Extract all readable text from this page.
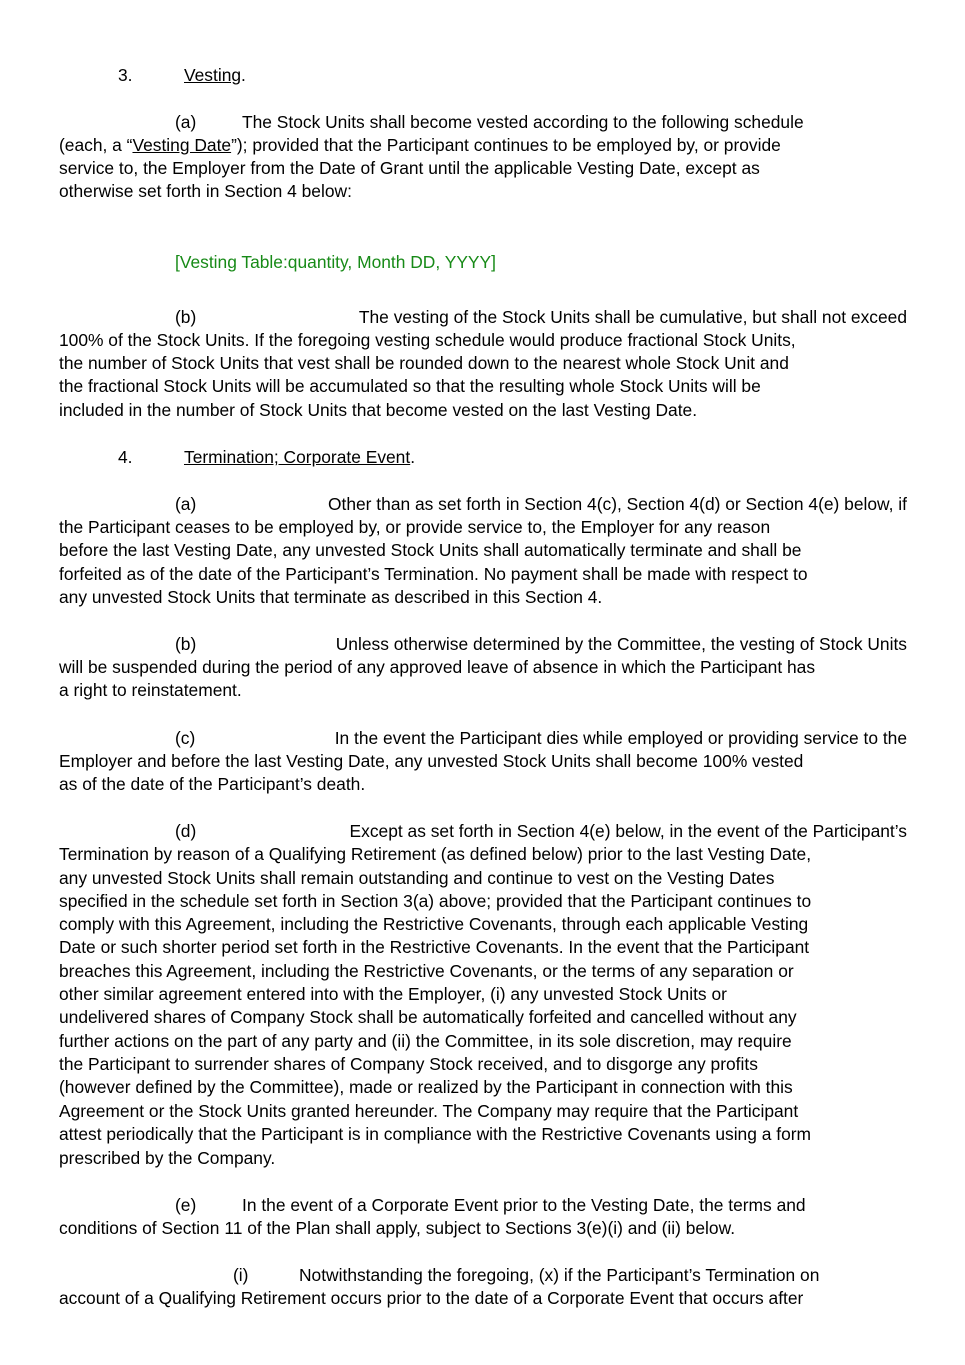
3.	Vesting.
(a)	The Stock Units shall become vested according to the following schedule
(each, a “Vesting Date”); provided that the Participant continues to be employed by, or provide
service to, the Employer from the Date of Grant until the applicable Vesting Date, except as
otherwise set forth in Section 4 below:
[Vesting Table:quantity, Month DD, YYYY]
(b)	The vesting of the Stock Units shall be cumulative, but shall not exceed
100% of the Stock Units. If the foregoing vesting schedule would produce fractional Stock Units,
the number of Stock Units that vest shall be rounded down to the nearest whole Stock Unit and
the fractional Stock Units will be accumulated so that the resulting whole Stock Units will be
included in the number of Stock Units that become vested on the last Vesting Date.
4.	Termination; Corporate Event.
(a)	Other than as set forth in Section 4(c), Section 4(d) or Section 4(e) below, if
the Participant ceases to be employed by, or provide service to, the Employer for any reason
before the last Vesting Date, any unvested Stock Units shall automatically terminate and shall be
forfeited as of the date of the Participant’s Termination. No payment shall be made with respect to
any unvested Stock Units that terminate as described in this Section 4.
(b)	Unless otherwise determined by the Committee, the vesting of Stock Units
will be suspended during the period of any approved leave of absence in which the Participant has
a right to reinstatement.
(c)	In the event the Participant dies while employed or providing service to the
Employer and before the last Vesting Date, any unvested Stock Units shall become 100% vested
as of the date of the Participant’s death.
(d)	Except as set forth in Section 4(e) below, in the event of the Participant’s
Termination by reason of a Qualifying Retirement (as defined below) prior to the last Vesting Date,
any unvested Stock Units shall remain outstanding and continue to vest on the Vesting Dates
specified in the schedule set forth in Section 3(a) above; provided that the Participant continues to
comply with this Agreement, including the Restrictive Covenants, through each applicable Vesting
Date or such shorter period set forth in the Restrictive Covenants. In the event that the Participant
breaches this Agreement, including the Restrictive Covenants, or the terms of any separation or
other similar agreement entered into with the Employer, (i) any unvested Stock Units or
undelivered shares of Company Stock shall be automatically forfeited and cancelled without any
further actions on the part of any party and (ii) the Committee, in its sole discretion, may require
the Participant to surrender shares of Company Stock received, and to disgorge any profits
(however defined by the Committee), made or realized by the Participant in connection with this
Agreement or the Stock Units granted hereunder. The Company may require that the Participant
attest periodically that the Participant is in compliance with the Restrictive Covenants using a form
prescribed by the Company.
(e)	In the event of a Corporate Event prior to the Vesting Date, the terms and
conditions of Section 11 of the Plan shall apply, subject to Sections 3(e)(i) and (ii) below.
(i)	Notwithstanding the foregoing, (x) if the Participant’s Termination on
account of a Qualifying Retirement occurs prior to the date of a Corporate Event that occurs after
